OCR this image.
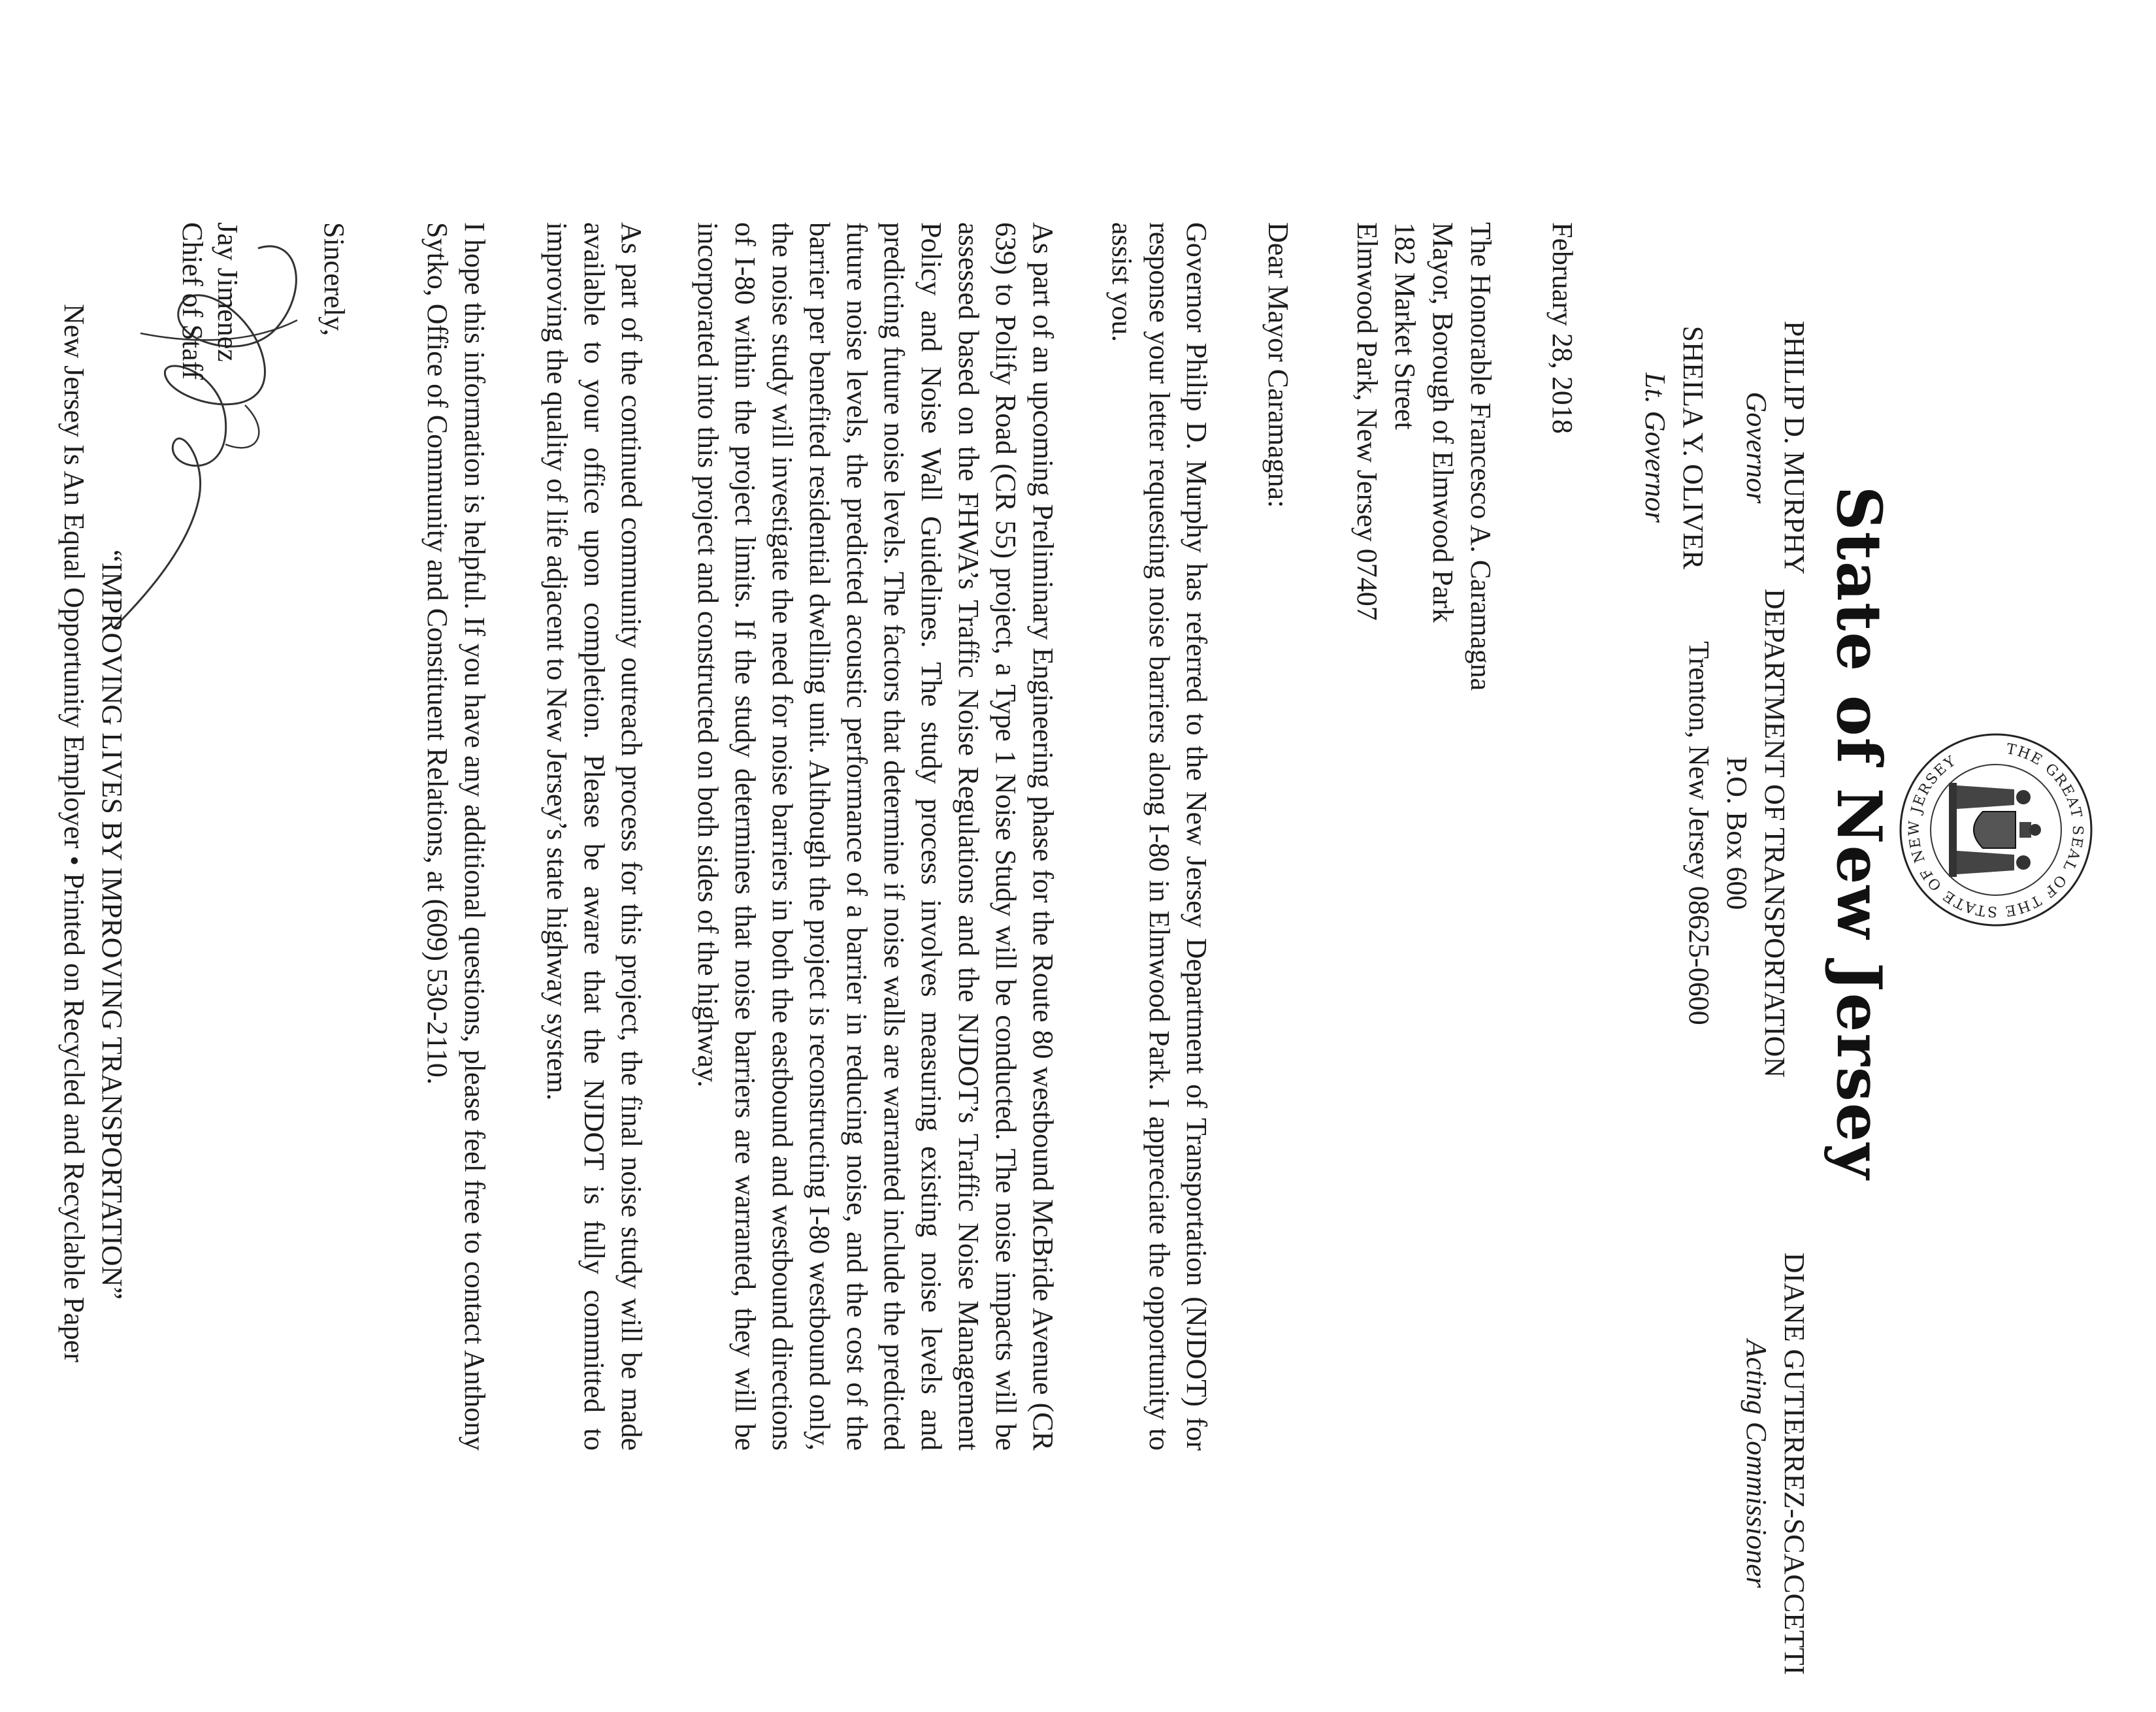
THE GREAT SEAL OF THE STATE OF NEW JERSEY
State of New Jersey
PHILIP D. MURPHY
Governor
SHEILA Y. OLIVER
Lt. Governor
DEPARTMENT OF TRANSPORTATION
P.O. Box 600
Trenton, New Jersey 08625-0600
DIANE GUTIERREZ-SCACCETTI
Acting Commissioner
February 28, 2018
The Honorable Francesco A. Caramagna
Mayor, Borough of Elmwood Park
182 Market Street
Elmwood Park, New Jersey 07407
Dear Mayor Caramagna:
Governor Philip D. Murphy has referred to the New Jersey Department of Transportation (NJDOT) for response your letter requesting noise barriers along I-80 in Elmwood Park. I appreciate the opportunity to assist you.
As part of an upcoming Preliminary Engineering phase for the Route 80 westbound McBride Avenue (CR 639) to Polify Road (CR 55) project, a Type 1 Noise Study will be conducted. The noise impacts will be assessed based on the FHWA’s Traffic Noise Regulations and the NJDOT’s Traffic Noise Management Policy and Noise Wall Guidelines. The study process involves measuring existing noise levels and predicting future noise levels. The factors that determine if noise walls are warranted include the predicted future noise levels, the predicted acoustic performance of a barrier in reducing noise, and the cost of the barrier per benefited residential dwelling unit. Although the project is reconstructing I-80 westbound only, the noise study will investigate the need for noise barriers in both the eastbound and westbound directions of I-80 within the project limits. If the study determines that noise barriers are warranted, they will be incorporated into this project and constructed on both sides of the highway.
As part of the continued community outreach process for this project, the final noise study will be made available to your office upon completion. Please be aware that the NJDOT is fully committed to improving the quality of life adjacent to New Jersey’s state highway system.
I hope this information is helpful. If you have any additional questions, please feel free to contact Anthony Sytko, Office of Community and Constituent Relations, at (609) 530-2110.
Sincerely,
Jay Jimenez
Chief of Staff
“IMPROVING LIVES BY IMPROVING TRANSPORTATION”
New Jersey Is An Equal Opportunity Employer • Printed on Recycled and Recyclable Paper
